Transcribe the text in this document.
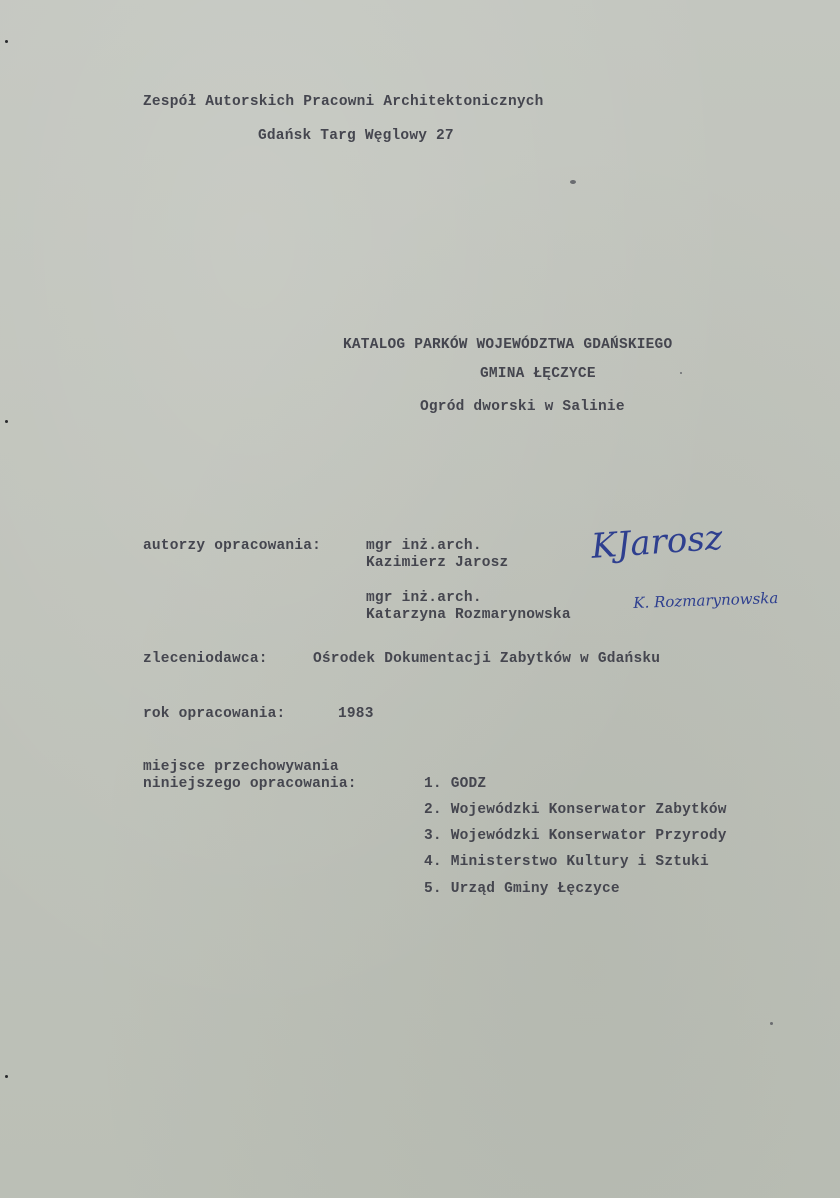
Zespół Autorskich Pracowni Architektonicznych
Gdańsk Targ Węglowy 27
KATALOG PARKÓW WOJEWÓDZTWA GDAŃSKIEGO
GMINA ŁĘCZYCE
Ogród dworski w Salinie
autorzy opracowania:	mgr inż.arch.
Kazimierz Jarosz
mgr inż.arch.
Katarzyna Rozmarynowska
KJarosz
K. Rozmarynowska
zleceniodawca:	Ośrodek Dokumentacji Zabytków w Gdańsku
rok opracowania:	1983
miejsce przechowywania
niniejszego opracowania:	1. GODZ
2. Wojewódzki Konserwator Zabytków
3. Wojewódzki Konserwator Przyrody
4. Ministerstwo Kultury i Sztuki
5. Urząd Gminy Łęczyce
